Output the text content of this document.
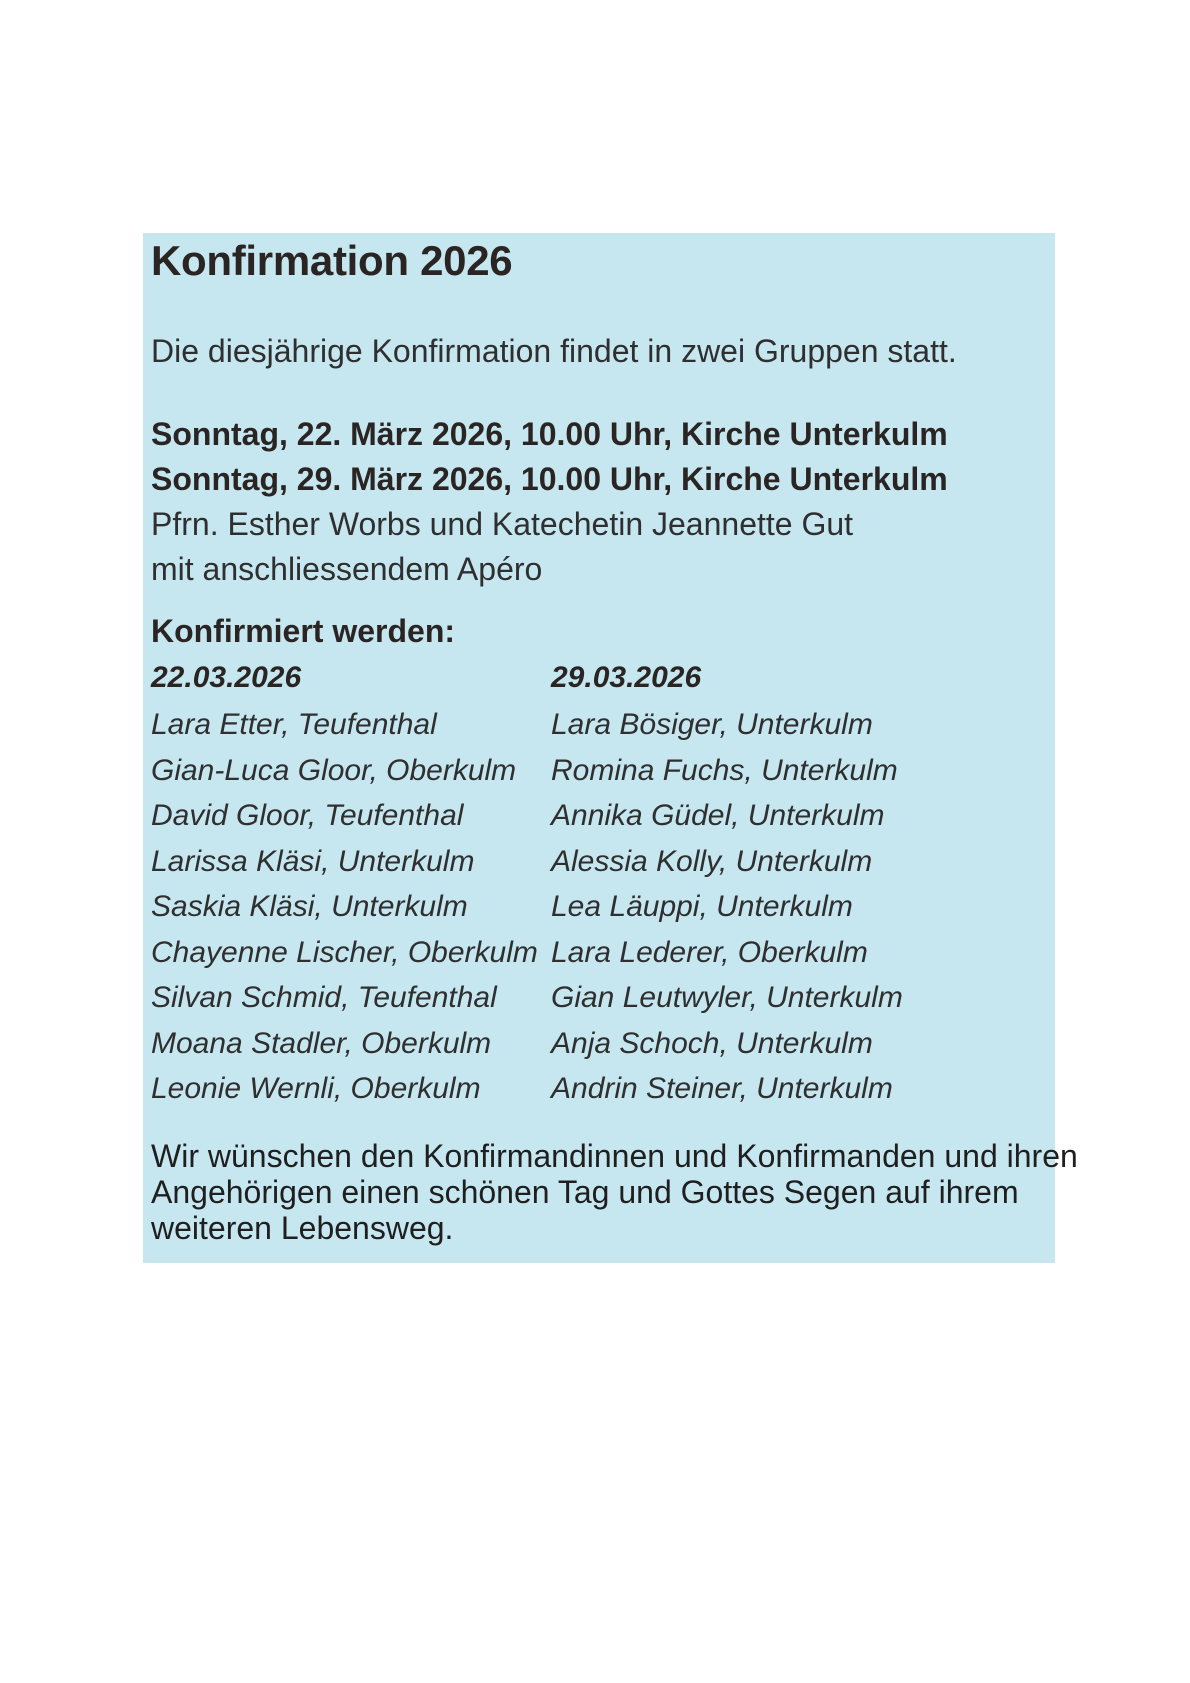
Konfirmation 2026

Die diesjährige Konfirmation findet in zwei Gruppen statt.

Sonntag, 22. März 2026, 10.00 Uhr, Kirche Unterkulm

Sonntag, 29. März 2026, 10.00 Uhr, Kirche Unterkulm

Pfrn. Esther Worbs und Katechetin Jeannette Gut

mit anschliessendem Apéro

Konfirmiert werden:
22.03.2026
Lara Etter, Teufenthal
Gian-Luca Gloor, Oberkulm
David Gloor, Teufenthal
Larissa Kläsi, Unterkulm
Saskia Kläsi, Unterkulm
Chayenne Lischer, Oberkulm
Silvan Schmid, Teufenthal
Moana Stadler, Oberkulm
Leonie Wernli, Oberkulm
29.03.2026
Lara Bösiger, Unterkulm
Romina Fuchs, Unterkulm
Annika Güdel, Unterkulm
Alessia Kolly, Unterkulm
Lea Läuppi, Unterkulm
Lara Lederer, Oberkulm
Gian Leutwyler, Unterkulm
Anja Schoch, Unterkulm
Andrin Steiner, Unterkulm
Wir wünschen den Konfirmandinnen und Konfirmanden und ihren
Angehörigen einen schönen Tag und Gottes Segen auf ihrem
weiteren Lebensweg.
